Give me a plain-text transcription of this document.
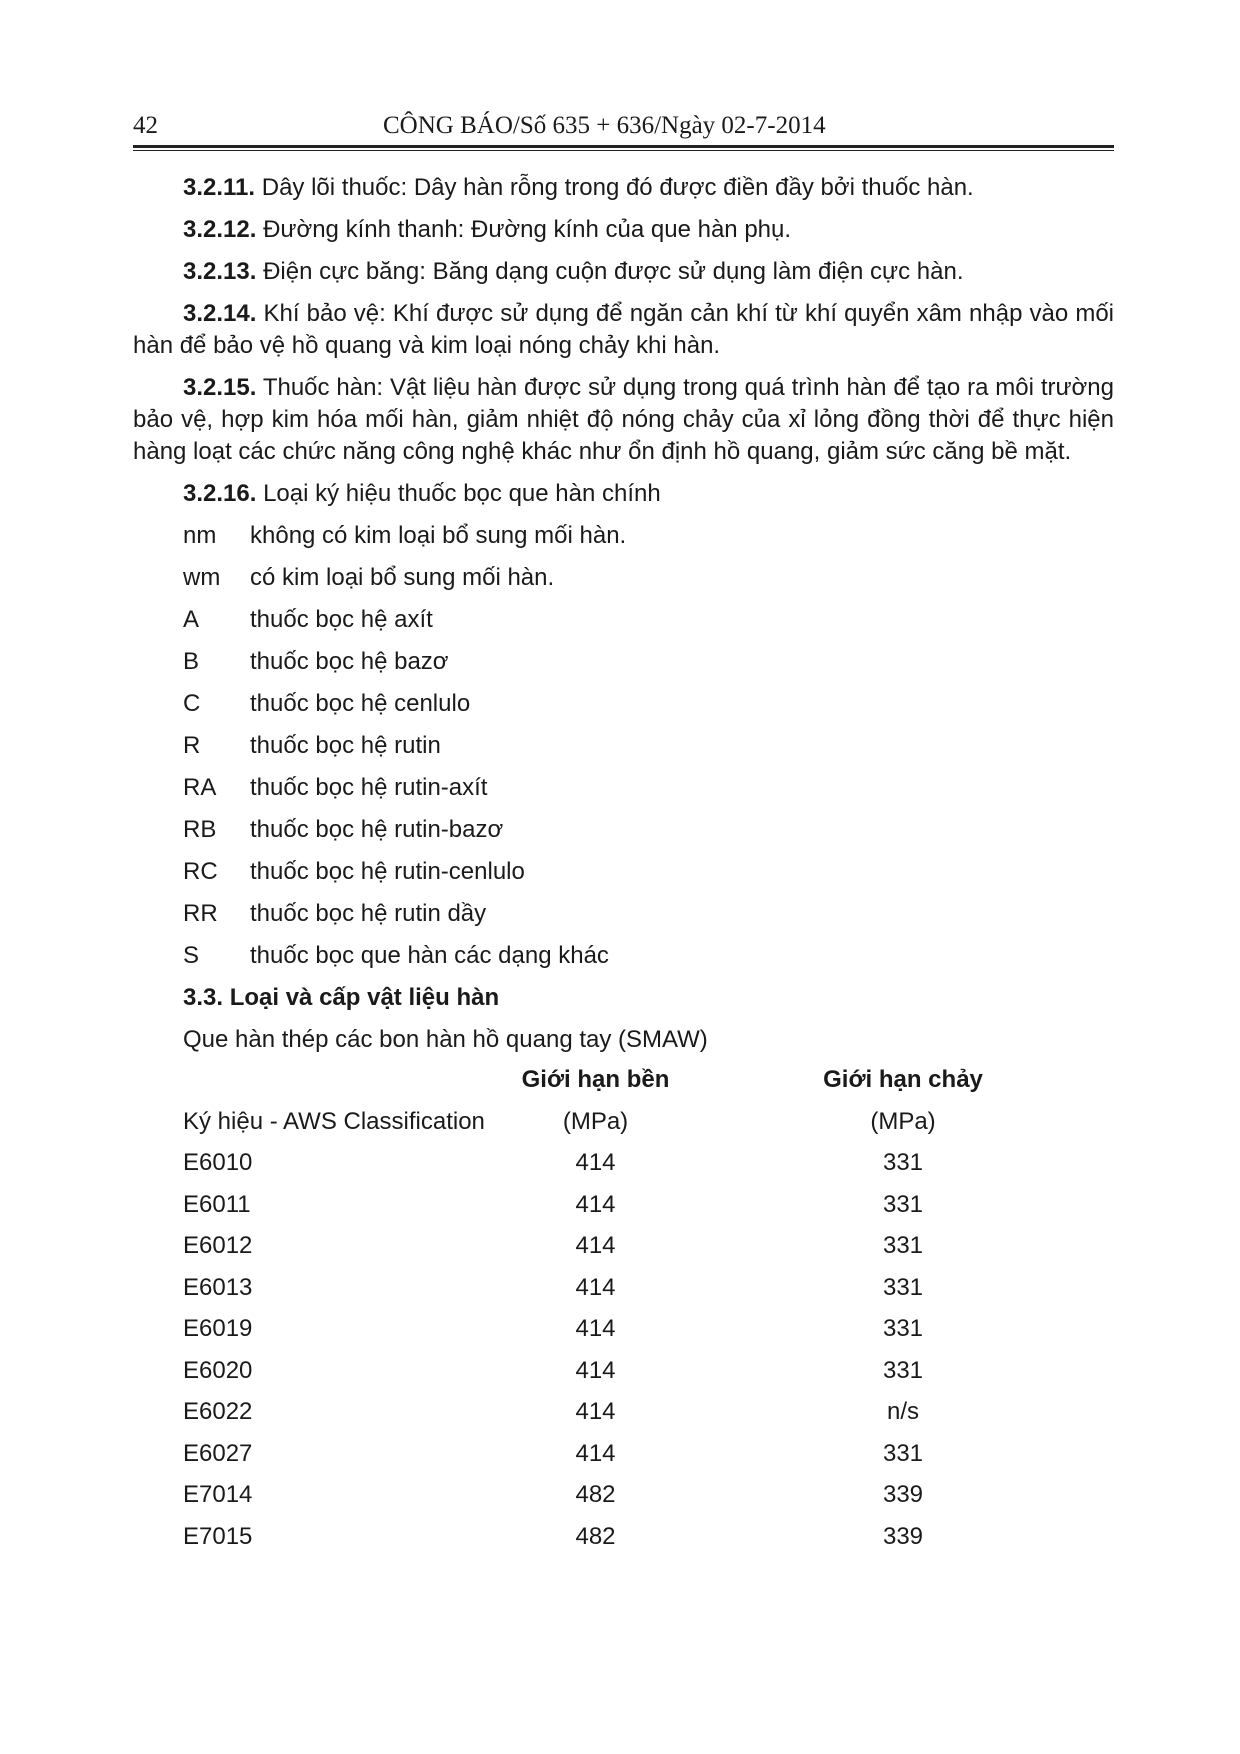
42	CÔNG BÁO/Số 635 + 636/Ngày 02-7-2014

3.2.11. Dây lõi thuốc: Dây hàn rỗng trong đó được điền đầy bởi thuốc hàn.

3.2.12. Đường kính thanh: Đường kính của que hàn phụ.

3.2.13. Điện cực băng: Băng dạng cuộn được sử dụng làm điện cực hàn.

3.2.14. Khí bảo vệ: Khí được sử dụng để ngăn cản khí từ khí quyển xâm nhập vào mối hàn để bảo vệ hồ quang và kim loại nóng chảy khi hàn.

3.2.15. Thuốc hàn: Vật liệu hàn được sử dụng trong quá trình hàn để tạo ra môi trường bảo vệ, hợp kim hóa mối hàn, giảm nhiệt độ nóng chảy của xỉ lỏng đồng thời để thực hiện hàng loạt các chức năng công nghệ khác như ổn định hồ quang, giảm sức căng bề mặt.

3.2.16. Loại ký hiệu thuốc bọc que hàn chính

nm	không có kim loại bổ sung mối hàn.
wm	có kim loại bổ sung mối hàn.
A	thuốc bọc hệ axít
B	thuốc bọc hệ bazơ
C	thuốc bọc hệ cenlulo
R	thuốc bọc hệ rutin
RA	thuốc bọc hệ rutin-axít
RB	thuốc bọc hệ rutin-bazơ
RC	thuốc bọc hệ rutin-cenlulo
RR	thuốc bọc hệ rutin dầy
S	thuốc bọc que hàn các dạng khác

3.3. Loại và cấp vật liệu hàn

Que hàn thép các bon hàn hồ quang tay (SMAW)

	Giới hạn bền	Giới hạn chảy
Ký hiệu - AWS Classification	(MPa)	(MPa)
E6010	414	331
E6011	414	331
E6012	414	331
E6013	414	331
E6019	414	331
E6020	414	331
E6022	414	n/s
E6027	414	331
E7014	482	339
E7015	482	339
